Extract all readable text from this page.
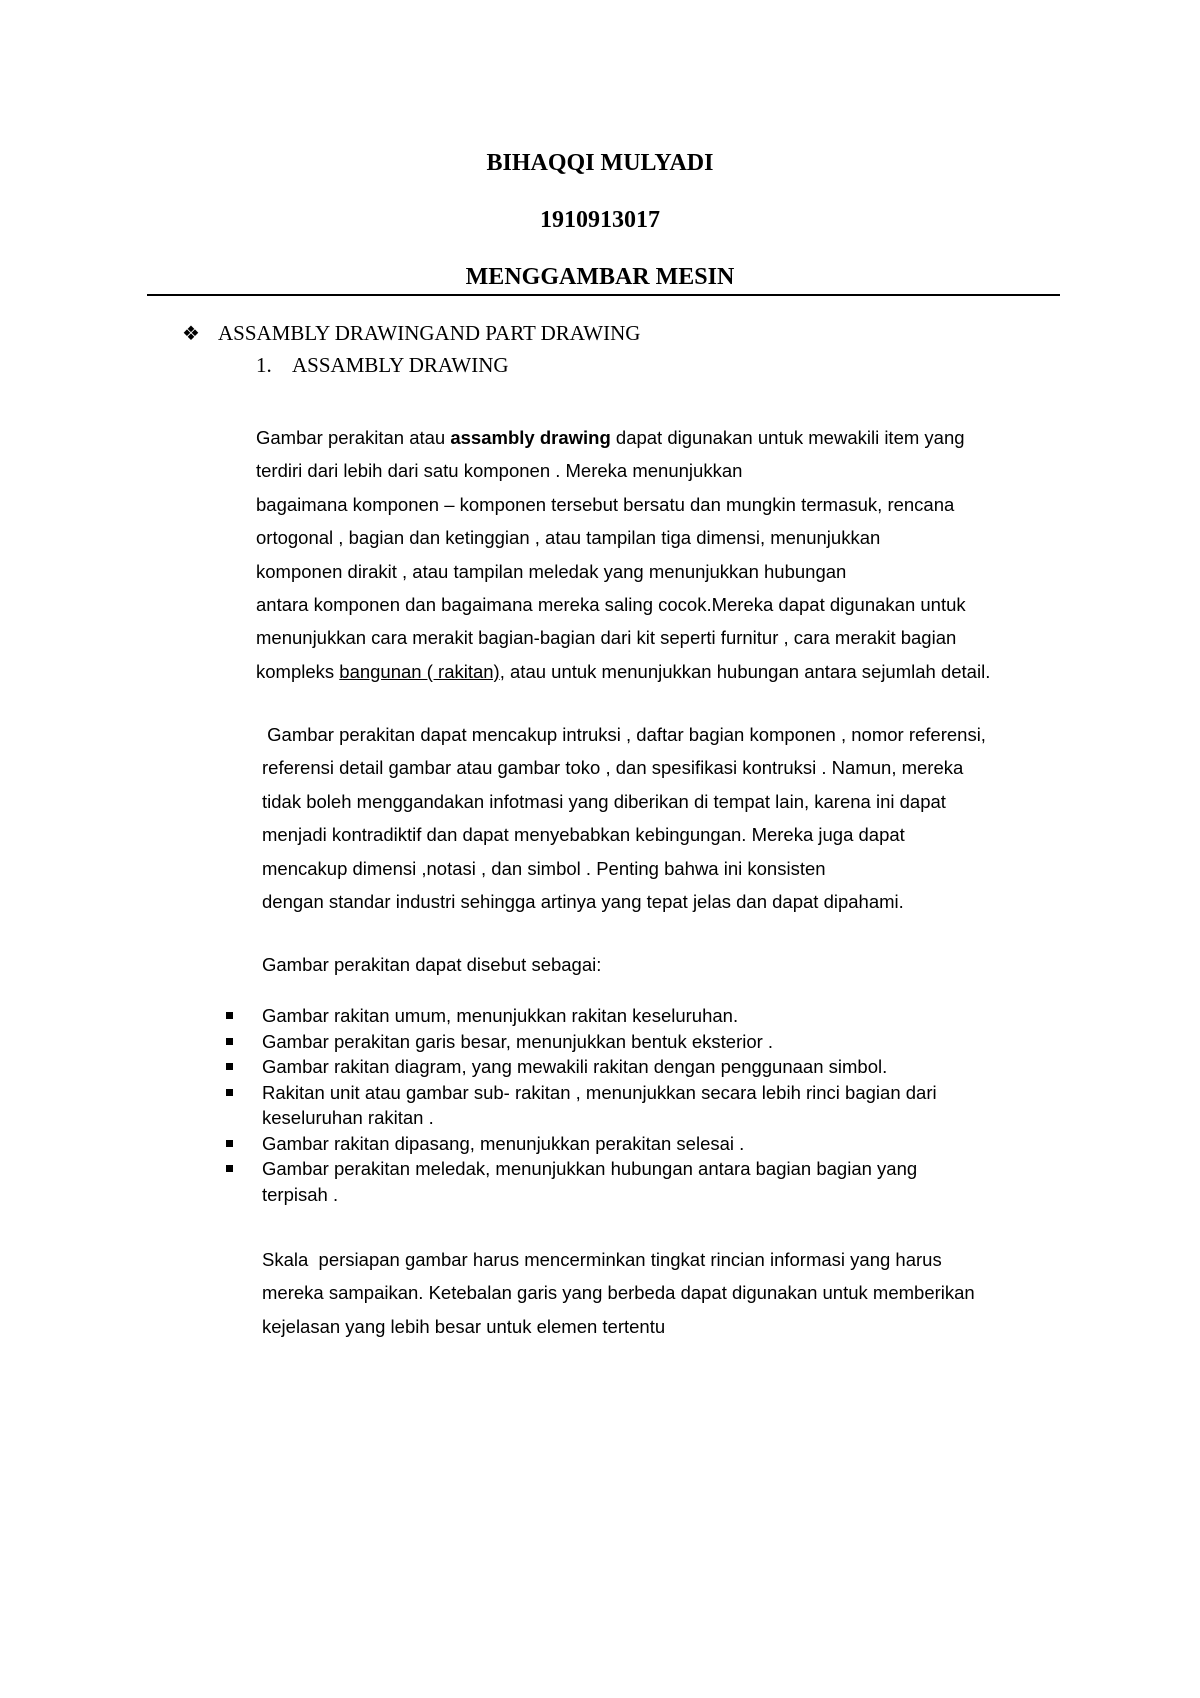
BIHAQQI MULYADI
1910913017
MENGGAMBAR MESIN
❖ ASSAMBLY DRAWINGAND PART DRAWING
1. ASSAMBLY DRAWING
Gambar perakitan atau assambly drawing dapat digunakan untuk mewakili item yang
terdiri dari lebih dari satu komponen . Mereka menunjukkan
bagaimana komponen – komponen tersebut bersatu dan mungkin termasuk, rencana
ortogonal , bagian dan ketinggian , atau tampilan tiga dimensi, menunjukkan
komponen dirakit , atau tampilan meledak yang menunjukkan hubungan
antara komponen dan bagaimana mereka saling cocok.Mereka dapat digunakan untuk
menunjukkan cara merakit bagian-bagian dari kit seperti furnitur , cara merakit bagian
kompleks bangunan ( rakitan), atau untuk menunjukkan hubungan antara sejumlah detail.
Gambar perakitan dapat mencakup intruksi , daftar bagian komponen , nomor referensi,
referensi detail gambar atau gambar toko , dan spesifikasi kontruksi . Namun, mereka
tidak boleh menggandakan infotmasi yang diberikan di tempat lain, karena ini dapat
menjadi kontradiktif dan dapat menyebabkan kebingungan. Mereka juga dapat
mencakup dimensi ,notasi , dan simbol . Penting bahwa ini konsisten
dengan standar industri sehingga artinya yang tepat jelas dan dapat dipahami.
Gambar perakitan dapat disebut sebagai:
Gambar rakitan umum, menunjukkan rakitan keseluruhan.
Gambar perakitan garis besar, menunjukkan bentuk eksterior .
Gambar rakitan diagram, yang mewakili rakitan dengan penggunaan simbol.
Rakitan unit atau gambar sub- rakitan , menunjukkan secara lebih rinci bagian dari
keseluruhan rakitan .
Gambar rakitan dipasang, menunjukkan perakitan selesai .
Gambar perakitan meledak, menunjukkan hubungan antara bagian bagian yang
terpisah .
Skala  persiapan gambar harus mencerminkan tingkat rincian informasi yang harus
mereka sampaikan. Ketebalan garis yang berbeda dapat digunakan untuk memberikan
kejelasan yang lebih besar untuk elemen tertentu
